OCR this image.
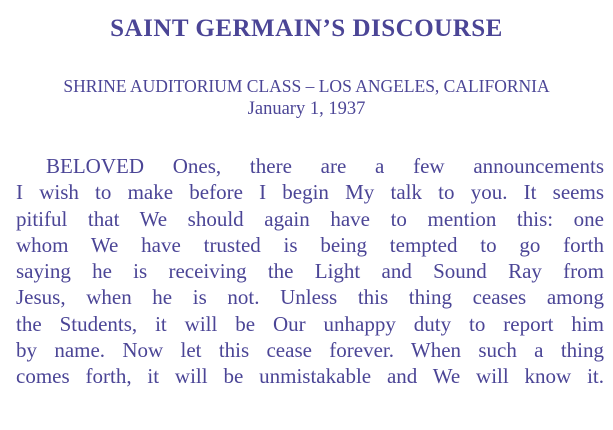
SAINT GERMAIN’S DISCOURSE
SHRINE AUDITORIUM CLASS – LOS ANGELES, CALIFORNIA
January 1, 1937
BELOVED Ones, there are a few announcements
I wish to make before I begin My talk to you. It seems
pitiful that We should again have to mention this: one
whom We have trusted is being tempted to go forth
saying he is receiving the Light and Sound Ray from
Jesus, when he is not. Unless this thing ceases among
the Students, it will be Our unhappy duty to report him
by name. Now let this cease forever. When such a thing
comes forth, it will be unmistakable and We will know it.
